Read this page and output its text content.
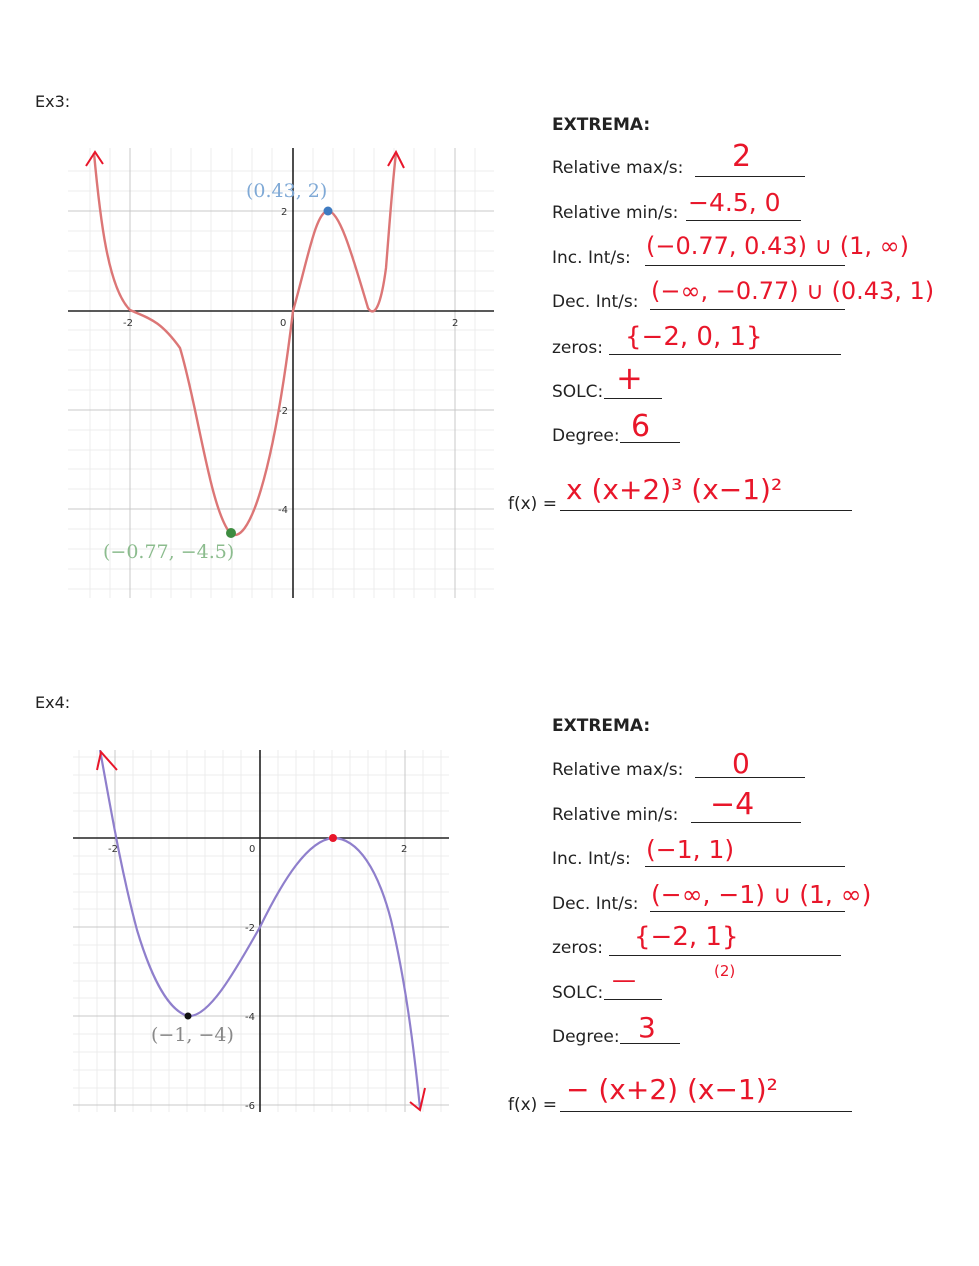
Ex3:
-2	0	2
2
-2
-4
(0.43, 2)
(−0.77, −4.5)
EXTREMA:
Relative max/s: 2
Relative min/s: −4.5, 0
Inc. Int/s: (−0.77, 0.43) ∪ (1, ∞)
Dec. Int/s: (−∞, −0.77) ∪ (0.43, 1)
zeros: {−2, 0, 1}
SOLC: +
Degree: 6
f(x) = x (x+2)³ (x−1)²
Ex4:
-2	0	2
-2
-4
-6
(−1, −4)
EXTREMA:
Relative max/s: 0
Relative min/s: −4
Inc. Int/s: (−1, 1)
Dec. Int/s: (−∞, −1) ∪ (1, ∞)
zeros: {−2, 1}
(2)
SOLC: —
Degree: 3
f(x) = − (x+2) (x−1)²
